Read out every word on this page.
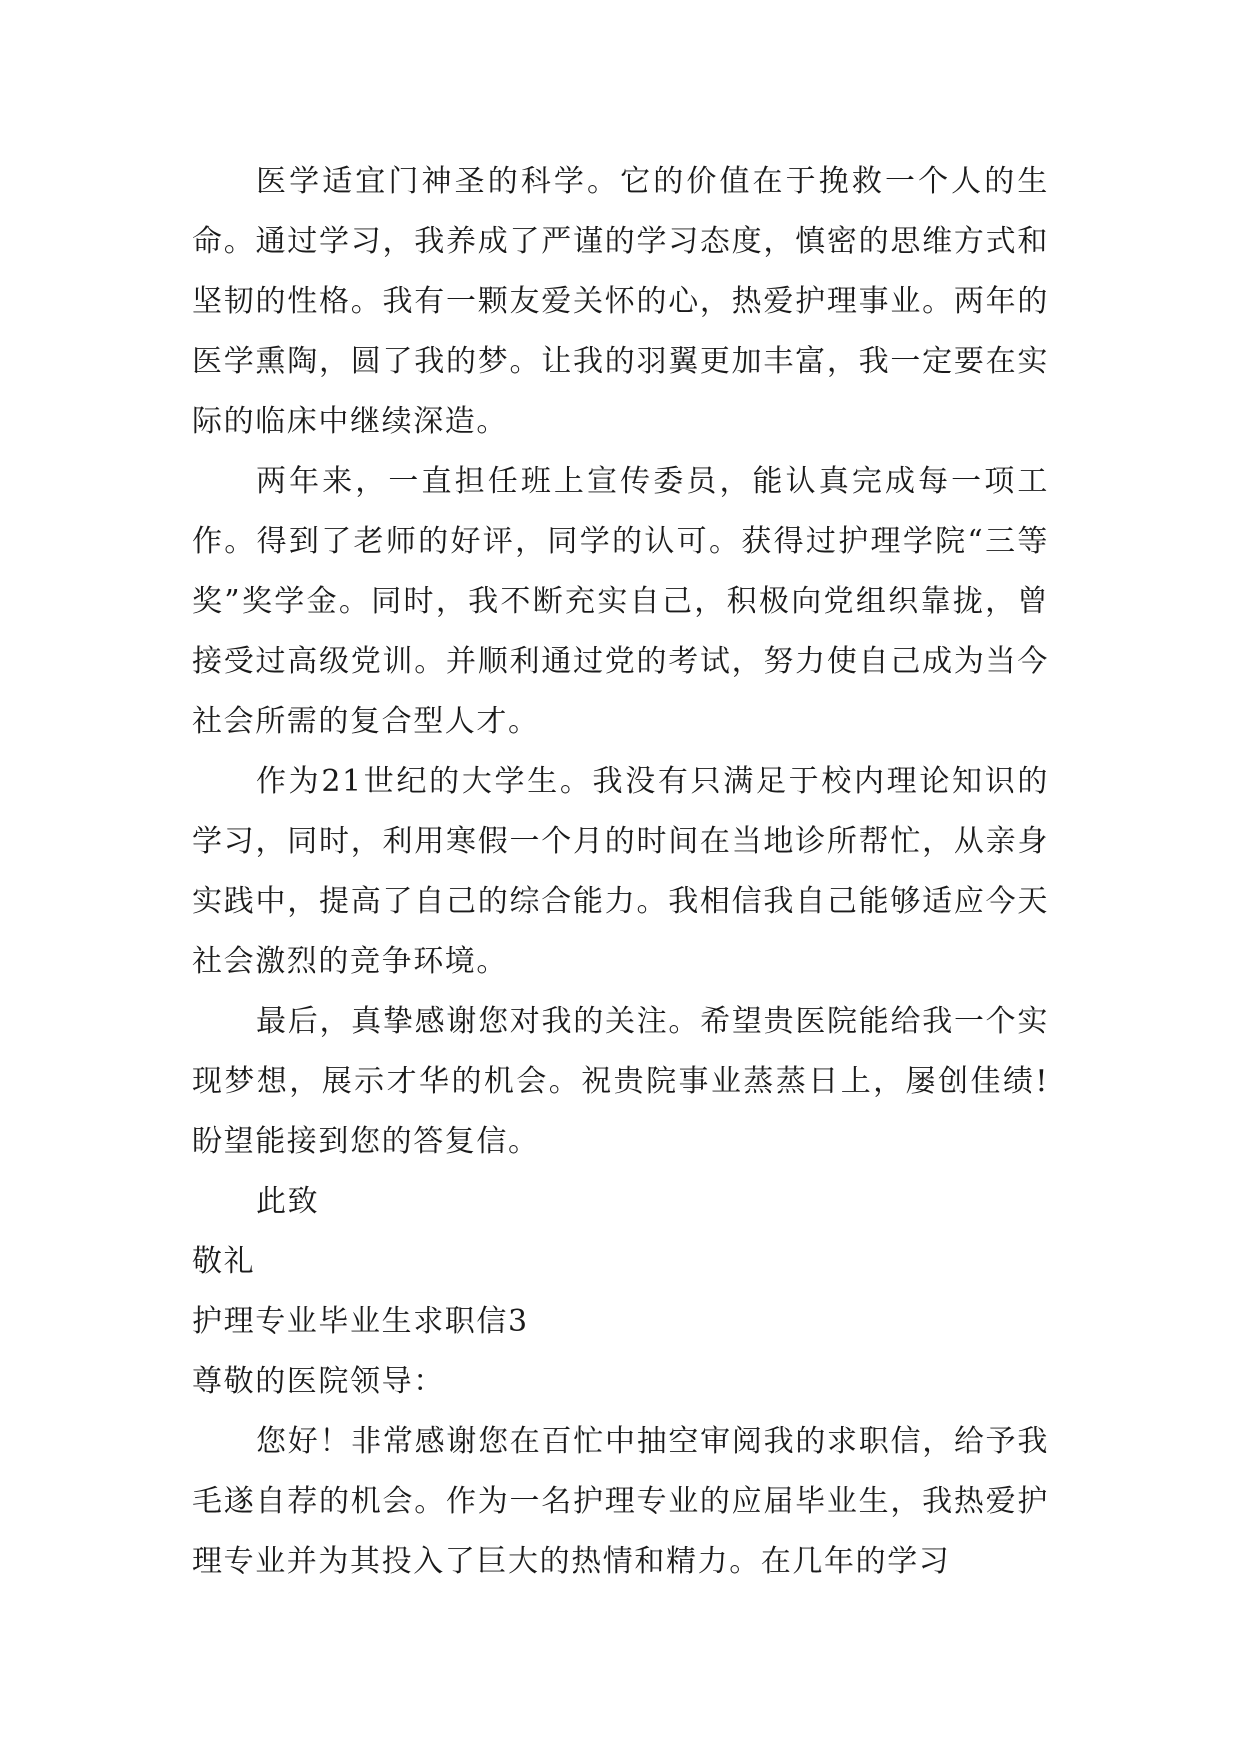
医学适宜门神圣的科学。它的价值在于挽救一个人的生命。通过学习，我养成了严谨的学习态度，慎密的思维方式和坚韧的性格。我有一颗友爱关怀的心，热爱护理事业。两年的医学熏陶，圆了我的梦。让我的羽翼更加丰富，我一定要在实际的临床中继续深造。

两年来，一直担任班上宣传委员，能认真完成每一项工作。得到了老师的好评，同学的认可。获得过护理学院“三等奖”奖学金。同时，我不断充实自己，积极向党组织靠拢，曾接受过高级党训。并顺利通过党的考试，努力使自己成为当今社会所需的复合型人才。

作为21世纪的大学生。我没有只满足于校内理论知识的学习，同时，利用寒假一个月的时间在当地诊所帮忙，从亲身实践中，提高了自己的综合能力。我相信我自己能够适应今天社会激烈的竞争环境。

最后，真挚感谢您对我的关注。希望贵医院能给我一个实现梦想，展示才华的机会。祝贵院事业蒸蒸日上，屡创佳绩!盼望能接到您的答复信。

此致

敬礼

护理专业毕业生求职信3

尊敬的医院领导：

您好！非常感谢您在百忙中抽空审阅我的求职信，给予我毛遂自荐的机会。作为一名护理专业的应届毕业生，我热爱护理专业并为其投入了巨大的热情和精力。在几年的学习
